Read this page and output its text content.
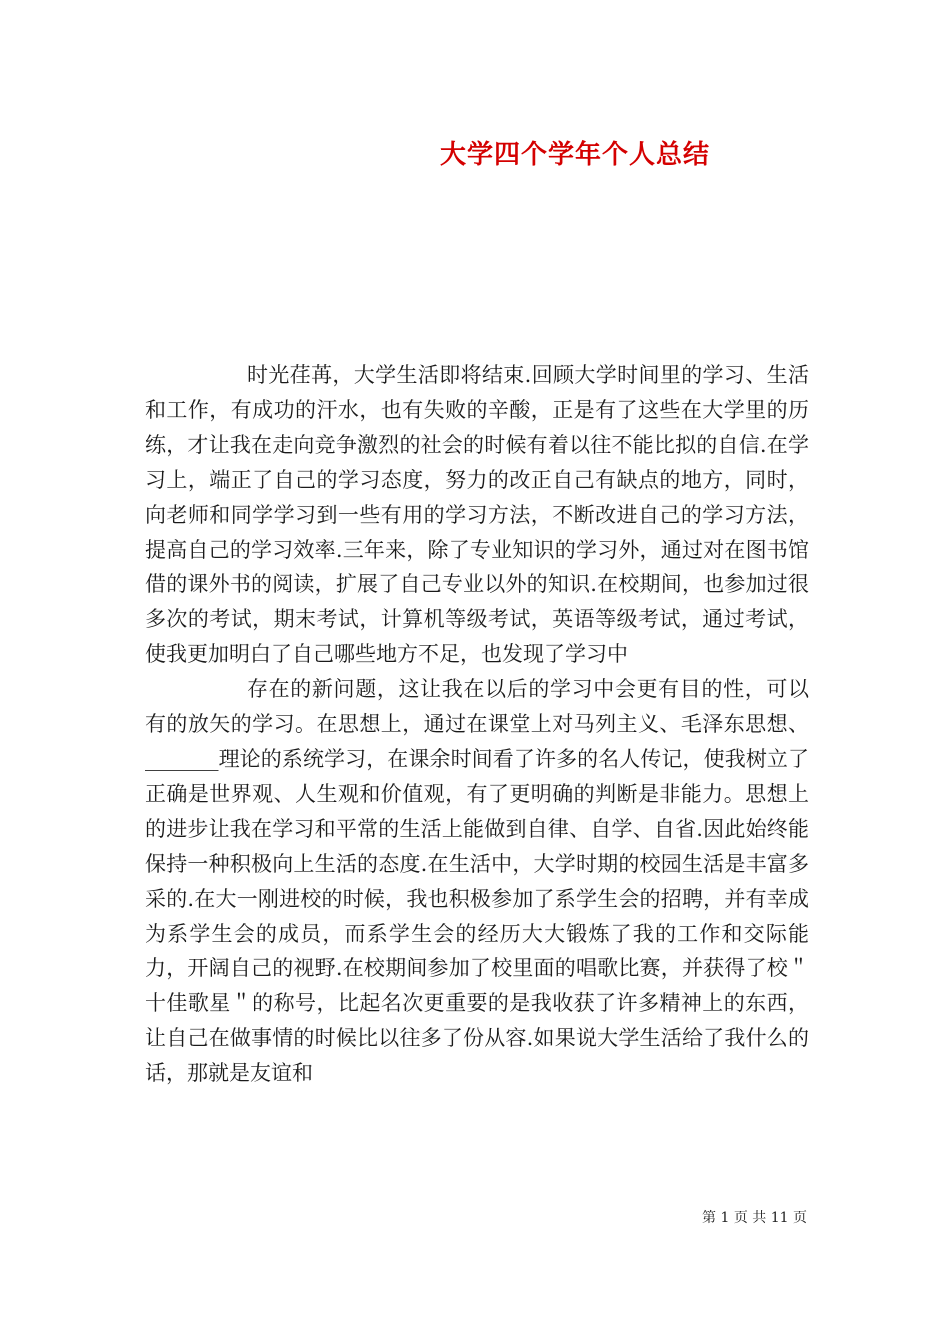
大学四个学年个人总结

时光荏苒，大学生活即将结束.回顾大学时间里的学习、生活和工作，有成功的汗水，也有失败的辛酸，正是有了这些在大学里的历练，才让我在走向竞争激烈的社会的时候有着以往不能比拟的自信.在学习上，端正了自己的学习态度，努力的改正自己有缺点的地方，同时，向老师和同学学习到一些有用的学习方法，不断改进自己的学习方法，提高自己的学习效率.三年来，除了专业知识的学习外，通过对在图书馆借的课外书的阅读，扩展了自己专业以外的知识.在校期间，也参加过很多次的考试，期末考试，计算机等级考试，英语等级考试，通过考试，使我更加明白了自己哪些地方不足，也发现了学习中

存在的新问题，这让我在以后的学习中会更有目的性，可以有的放矢的学习。在思想上，通过在课堂上对马列主义、毛泽东思想、_______理论的系统学习，在课余时间看了许多的名人传记，使我树立了正确是世界观、人生观和价值观，有了更明确的判断是非能力。思想上的进步让我在学习和平常的生活上能做到自律、自学、自省.因此始终能保持一种积极向上生活的态度.在生活中，大学时期的校园生活是丰富多采的.在大一刚进校的时候，我也积极参加了系学生会的招聘，并有幸成为系学生会的成员，而系学生会的经历大大锻炼了我的工作和交际能力，开阔自己的视野.在校期间参加了校里面的唱歌比赛，并获得了校＂十佳歌星＂的称号，比起名次更重要的是我收获了许多精神上的东西，让自己在做事情的时候比以往多了份从容.如果说大学生活给了我什么的话，那就是友谊和

第 1 页 共 11 页
